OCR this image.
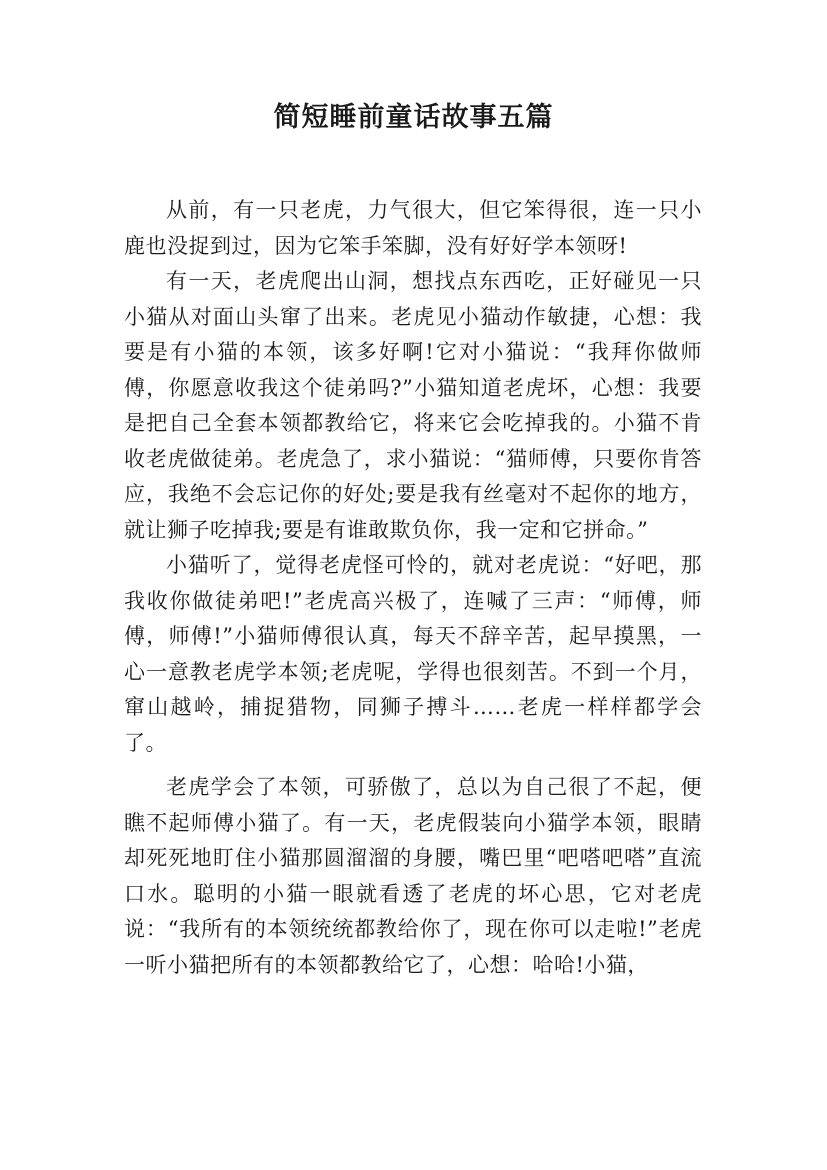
简短睡前童话故事五篇

从前，有一只老虎，力气很大，但它笨得很，连一只小鹿也没捉到过，因为它笨手笨脚，没有好好学本领呀!

有一天，老虎爬出山洞，想找点东西吃，正好碰见一只小猫从对面山头窜了出来。老虎见小猫动作敏捷，心想：我要是有小猫的本领，该多好啊!它对小猫说：“我拜你做师傅，你愿意收我这个徒弟吗?”小猫知道老虎坏，心想：我要是把自己全套本领都教给它，将来它会吃掉我的。小猫不肯收老虎做徒弟。老虎急了，求小猫说：“猫师傅，只要你肯答应，我绝不会忘记你的好处;要是我有丝毫对不起你的地方，就让狮子吃掉我;要是有谁敢欺负你，我一定和它拼命。”

小猫听了，觉得老虎怪可怜的，就对老虎说：“好吧，那我收你做徒弟吧!”老虎高兴极了，连喊了三声：“师傅，师傅，师傅!”小猫师傅很认真，每天不辞辛苦，起早摸黑，一心一意教老虎学本领;老虎呢，学得也很刻苦。不到一个月，窜山越岭，捕捉猎物，同狮子搏斗……老虎一样样都学会了。

老虎学会了本领，可骄傲了，总以为自己很了不起，便瞧不起师傅小猫了。有一天，老虎假装向小猫学本领，眼睛却死死地盯住小猫那圆溜溜的身腰，嘴巴里“吧嗒吧嗒”直流口水。聪明的小猫一眼就看透了老虎的坏心思，它对老虎说：“我所有的本领统统都教给你了，现在你可以走啦!”老虎一听小猫把所有的本领都教给它了，心想：哈哈!小猫，
